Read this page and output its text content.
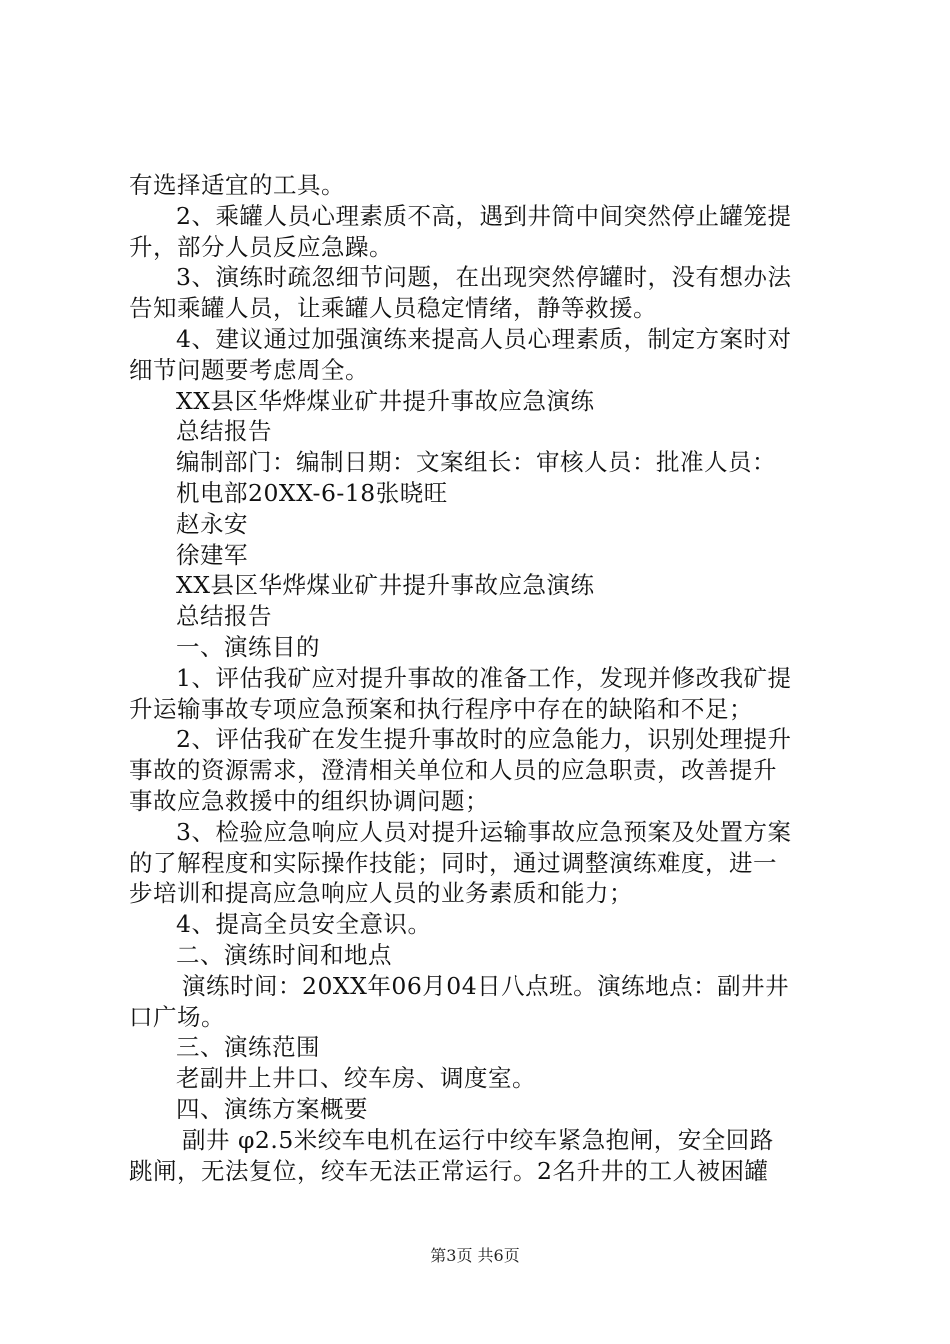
有选择适宜的工具。
2、乘罐人员心理素质不高，遇到井筒中间突然停止罐笼提
升，部分人员反应急躁。
3、演练时疏忽细节问题，在出现突然停罐时，没有想办法
告知乘罐人员，让乘罐人员稳定情绪，静等救援。
4、建议通过加强演练来提高人员心理素质，制定方案时对
细节问题要考虑周全。
XX县区华烨煤业矿井提升事故应急演练
总结报告
编制部门：编制日期：文案组长：审核人员：批准人员：
机电部20XX-6-18张晓旺
赵永安
徐建军
XX县区华烨煤业矿井提升事故应急演练
总结报告
一、演练目的
1、评估我矿应对提升事故的准备工作，发现并修改我矿提
升运输事故专项应急预案和执行程序中存在的缺陷和不足；
2、评估我矿在发生提升事故时的应急能力，识别处理提升
事故的资源需求，澄清相关单位和人员的应急职责，改善提升
事故应急救援中的组织协调问题；
3、检验应急响应人员对提升运输事故应急预案及处置方案
的了解程度和实际操作技能；同时，通过调整演练难度，进一
步培训和提高应急响应人员的业务素质和能力；
4、提高全员安全意识。
二、演练时间和地点
演练时间：20XX年06月04日八点班。演练地点：副井井
口广场。
三、演练范围
老副井上井口、绞车房、调度室。
四、演练方案概要
副井 φ2.5米绞车电机在运行中绞车紧急抱闸，安全回路
跳闸，无法复位，绞车无法正常运行。2名升井的工人被困罐
第3页 共6页
